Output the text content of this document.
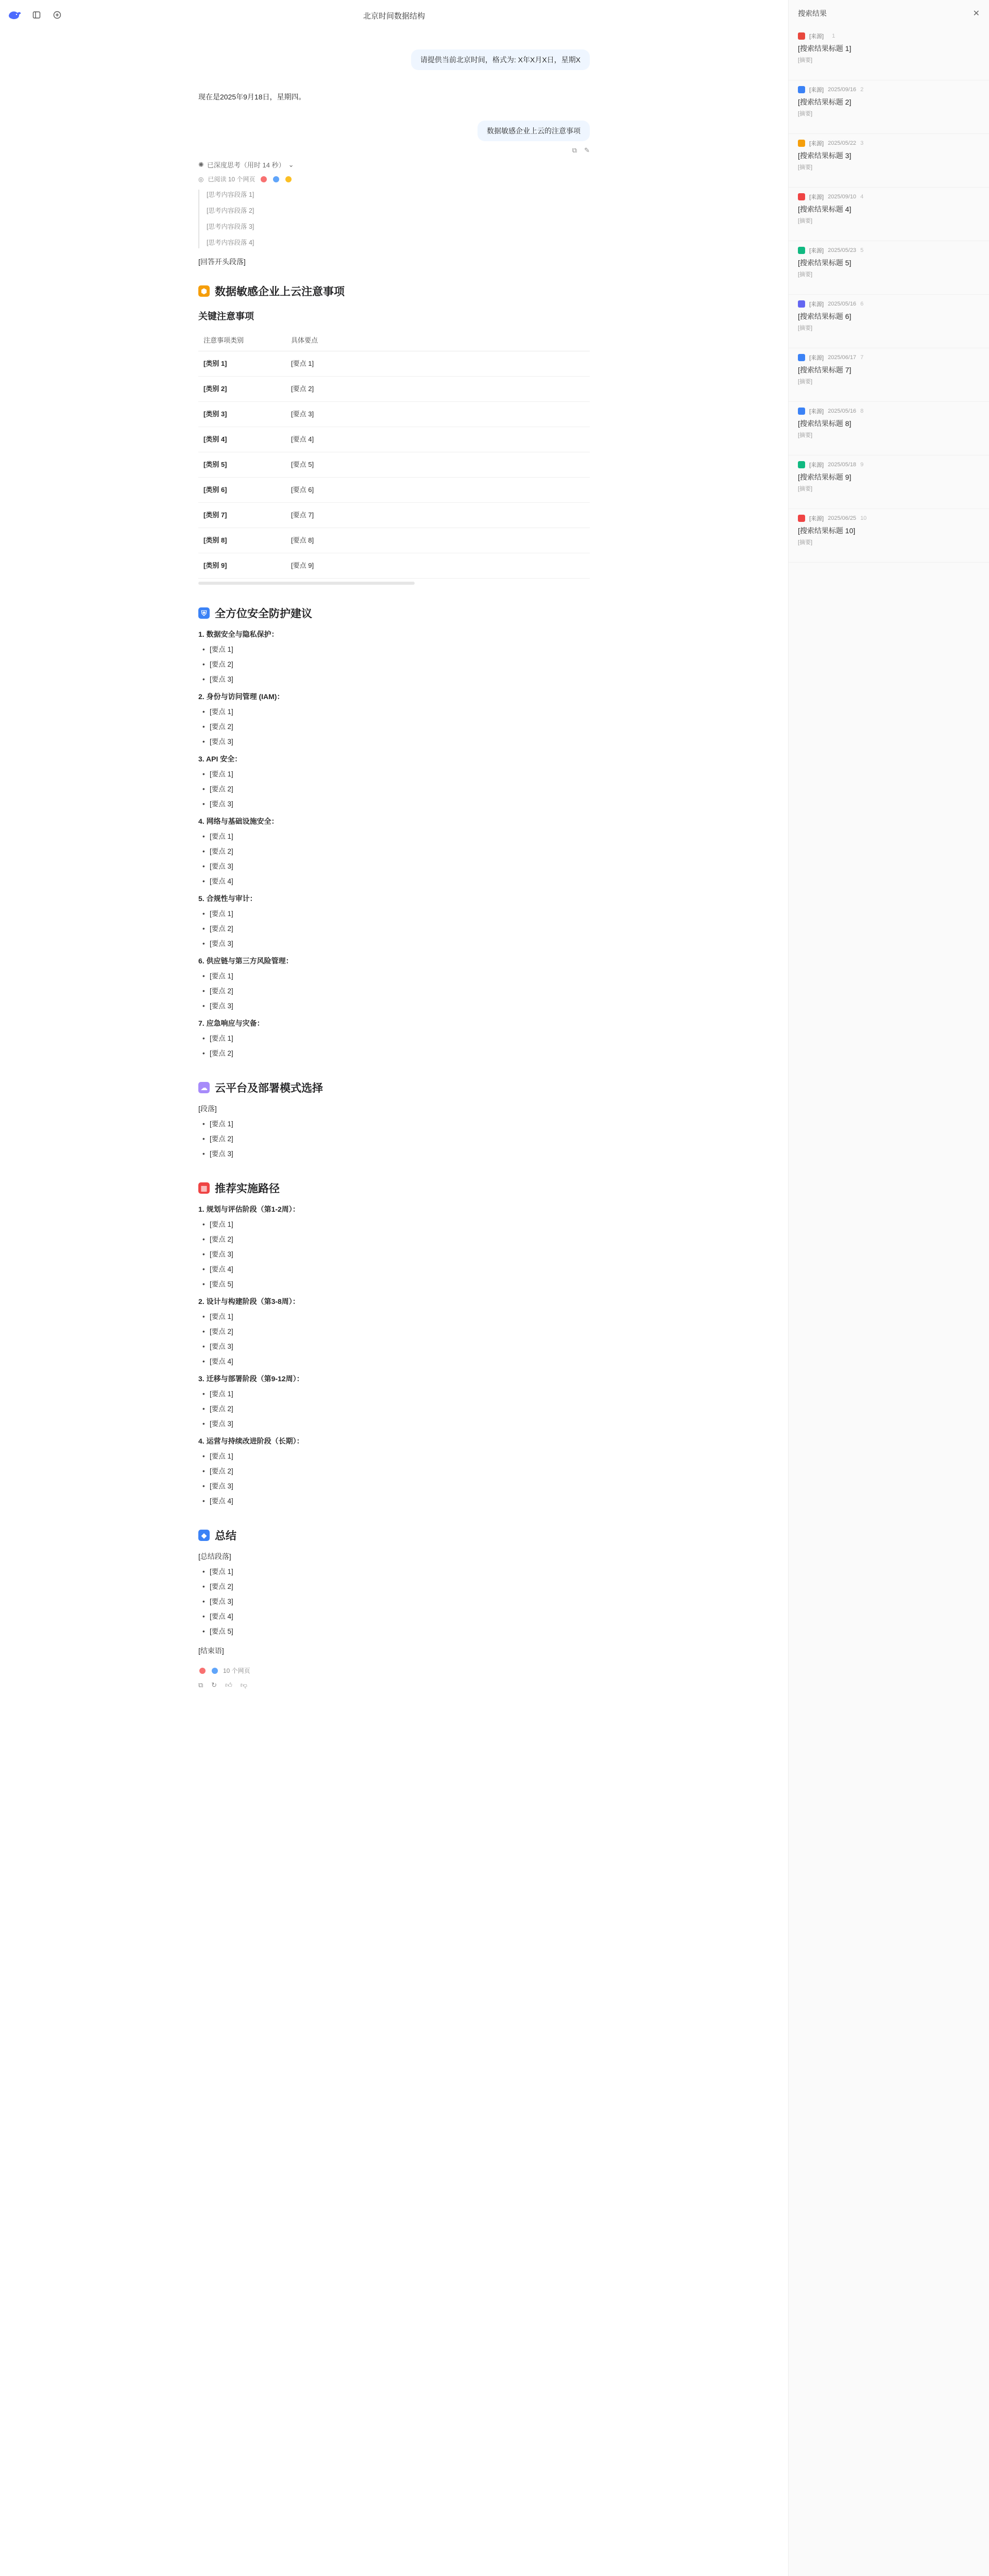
北京时间数据结构
请提供当前北京时间，格式为: X年X月X日，星期X
现在是2025年9月18日，星期四。
数据敏感企业上云的注意事项
⧉ ✎
✺ 已深度思考（用时 14 秒） ⌄
◎ 已阅读 10 个网页

[思考内容段落 1]

[思考内容段落 2]

[思考内容段落 3]

[思考内容段落 4]

[回答开头段落]
⬢ 数据敏感企业上云注意事项
关键注意事项
注意事项类别	具体要点
[类别 1]	[要点 1]
[类别 2]	[要点 2]
[类别 3]	[要点 3]
[类别 4]	[要点 4]
[类别 5]	[要点 5]
[类别 6]	[要点 6]
[类别 7]	[要点 7]
[类别 8]	[要点 8]
[类别 9]	[要点 9]
⛨ 全方位安全防护建议
1. 数据安全与隐私保护：
• [要点 1]
• [要点 2]
• [要点 3]
2. 身份与访问管理 (IAM)：
• [要点 1]
• [要点 2]
• [要点 3]
3. API 安全：
• [要点 1]
• [要点 2]
• [要点 3]
4. 网络与基础设施安全：
• [要点 1]
• [要点 2]
• [要点 3]
• [要点 4]
5. 合规性与审计：
• [要点 1]
• [要点 2]
• [要点 3]
6. 供应链与第三方风险管理：
• [要点 1]
• [要点 2]
• [要点 3]
7. 应急响应与灾备：
• [要点 1]
• [要点 2]
☁ 云平台及部署模式选择
[段落]
• [要点 1]
• [要点 2]
• [要点 3]
▦ 推荐实施路径
1. 规划与评估阶段（第1-2周）：
• [要点 1]
• [要点 2]
• [要点 3]
• [要点 4]
• [要点 5]
2. 设计与构建阶段（第3-8周）：
• [要点 1]
• [要点 2]
• [要点 3]
• [要点 4]
3. 迁移与部署阶段（第9-12周）：
• [要点 1]
• [要点 2]
• [要点 3]
4. 运营与持续改进阶段（长期）：
• [要点 1]
• [要点 2]
• [要点 3]
• [要点 4]
◆ 总结
[总结段落]
• [要点 1]
• [要点 2]
• [要点 3]
• [要点 4]
• [要点 5]
[结束语]
10 个网页
⧉ ↻ 👍︎ 👎︎
搜索结果	✕
[来源] 1
[搜索结果标题 1]
[摘要]
[来源] 2025/09/16 2
[搜索结果标题 2]
[摘要]
[来源] 2025/05/22 3
[搜索结果标题 3]
[摘要]
[来源] 2025/09/10 4
[搜索结果标题 4]
[摘要]
[来源] 2025/05/23 5
[搜索结果标题 5]
[摘要]
[来源] 2025/05/16 6
[搜索结果标题 6]
[摘要]
[来源] 2025/06/17 7
[搜索结果标题 7]
[摘要]
[来源] 2025/05/16 8
[搜索结果标题 8]
[摘要]
[来源] 2025/05/18 9
[搜索结果标题 9]
[摘要]
[来源] 2025/06/25 10
[搜索结果标题 10]
[摘要]
